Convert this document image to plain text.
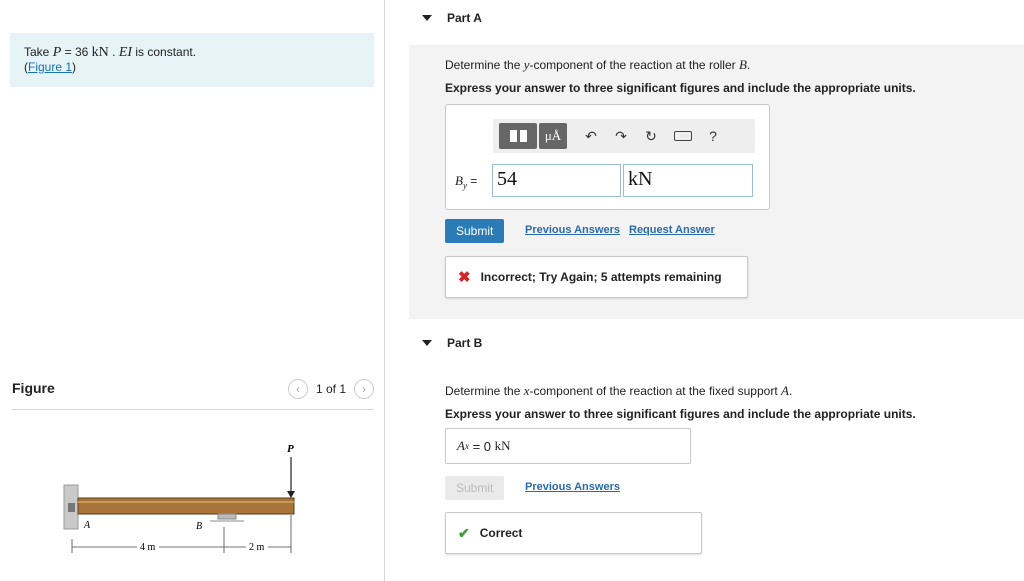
Take P = 36 kN . EI is constant.
(Figure 1)
Figure	‹	1 of 1	›
P
A	B
4 m	2 m
Part A
Determine the y-component of the reaction at the roller B.
Express your answer to three significant figures and include the appropriate units.
μÅ	↶	↷	↻	?
$B_y = 54$	kN
Submit	Previous Answers Request Answer
✖ Incorrect; Try Again; 5 attempts remaining
Part B
Determine the x-component of the reaction at the fixed support A.
Express your answer to three significant figures and include the appropriate units.
A x
= 0
kN
Submit	Previous Answers
✔ Correct
